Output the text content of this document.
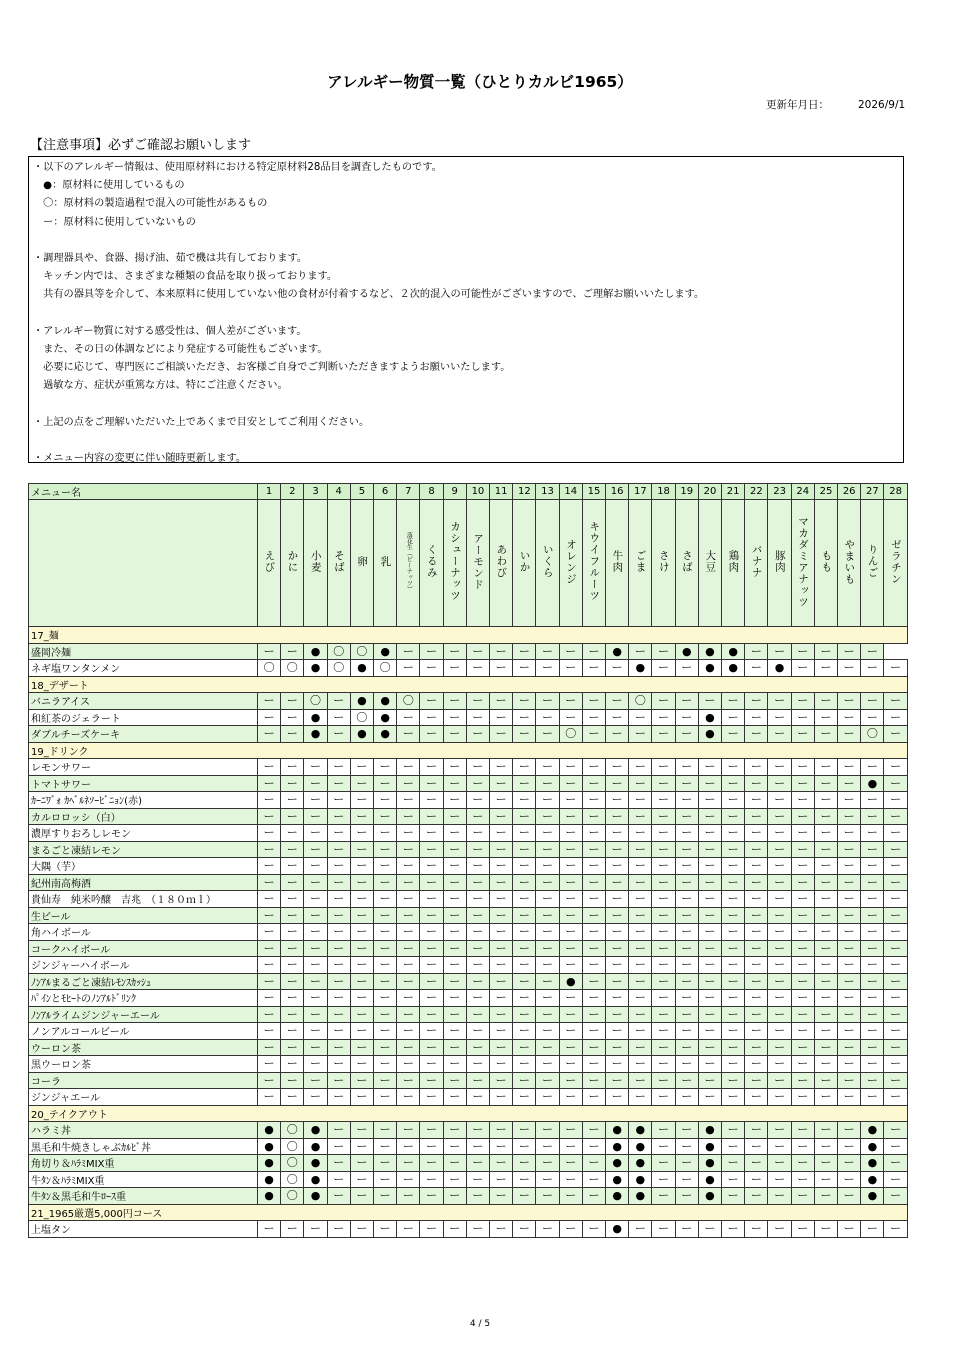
アレルギー物質一覧（ひとりカルビ1965）
更新年月日：	2026/9/1
【注意事項】必ずご確認お願いします
・以下のアレルギー情報は、使用原材料における特定原材料28品目を調査したものです。
　●：原材料に使用しているもの
　〇：原材料の製造過程で混入の可能性があるもの
　ー：原材料に使用していないもの
・調理器具や、食器、揚げ油、茹で機は共有しております。
　キッチン内では、さまざまな種類の食品を取り扱っております。
　共有の器具等を介して、本来原料に使用していない他の食材が付着するなど、２次的混入の可能性がございますので、ご理解お願いいたします。
・アレルギー物質に対する感受性は、個人差がございます。
　また、その日の体調などにより発症する可能性もございます。
　必要に応じて、専門医にご相談いただき、お客様ご自身でご判断いただきますようお願いいたします。
　過敏な方、症状が重篤な方は、特にご注意ください。
・上記の点をご理解いただいた上であくまで目安としてご利用ください。
・メニュー内容の変更に伴い随時更新します。
メニュー名	1	2	3	4	5	6	7	8	9	10	11	12	13	14	15	16	17	18	19	20	21	22	23	24	25	26	27	28
	えび	かに	小麦	そば	卵	乳	落花生（ピーナッツ）	くるみ	カシューナッツ	アーモンド	あわび	いか	いくら	オレンジ	キウイフルーツ	牛肉	ごま	さけ	さば	大豆	鶏肉	バナナ	豚肉	マカダミアナッツ	もも	やまいも	りんご	ゼラチン
17_麺																												
盛岡冷麺	ー	ー	●	〇	〇	●	ー	ー	ー	ー	ー	ー	ー	ー	ー	●	ー	ー	●	●	●	ー	ー	ー	ー	ー	ー	
ネギ塩ワンタンメン	〇	〇	●	〇	●	〇	ー	ー	ー	ー	ー	ー	ー	ー	ー	ー	●	ー	ー	●	●	ー	●	ー	ー	ー	ー	ー
18_デザート																												
バニラアイス	ー	ー	〇	ー	●	●	〇	ー	ー	ー	ー	ー	ー	ー	ー	ー	〇	ー	ー	ー	ー	ー	ー	ー	ー	ー	ー	ー
和紅茶のジェラート	ー	ー	●	ー	〇	●	ー	ー	ー	ー	ー	ー	ー	ー	ー	ー	ー	ー	ー	●	ー	ー	ー	ー	ー	ー	ー	ー
ダブルチーズケーキ	ー	ー	●	ー	●	●	ー	ー	ー	ー	ー	ー	ー	〇	ー	ー	ー	ー	ー	●	ー	ー	ー	ー	ー	ー	〇	ー
19_ドリンク																												
レモンサワー	ー	ー	ー	ー	ー	ー	ー	ー	ー	ー	ー	ー	ー	ー	ー	ー	ー	ー	ー	ー	ー	ー	ー	ー	ー	ー	ー	ー
トマトサワー	ー	ー	ー	ー	ー	ー	ー	ー	ー	ー	ー	ー	ー	ー	ー	ー	ー	ー	ー	ー	ー	ー	ー	ー	ー	ー	●	ー
ｶｰﾆﾜﾞｫ ｶﾍﾞﾙﾈｿｰﾋﾞﾆｮﾝ(赤)	ー	ー	ー	ー	ー	ー	ー	ー	ー	ー	ー	ー	ー	ー	ー	ー	ー	ー	ー	ー	ー	ー	ー	ー	ー	ー	ー	ー
カルロロッシ（白）	ー	ー	ー	ー	ー	ー	ー	ー	ー	ー	ー	ー	ー	ー	ー	ー	ー	ー	ー	ー	ー	ー	ー	ー	ー	ー	ー	ー
濃厚すりおろしレモン	ー	ー	ー	ー	ー	ー	ー	ー	ー	ー	ー	ー	ー	ー	ー	ー	ー	ー	ー	ー	ー	ー	ー	ー	ー	ー	ー	ー
まるごと凍結レモン	ー	ー	ー	ー	ー	ー	ー	ー	ー	ー	ー	ー	ー	ー	ー	ー	ー	ー	ー	ー	ー	ー	ー	ー	ー	ー	ー	ー
大隅（芋）	ー	ー	ー	ー	ー	ー	ー	ー	ー	ー	ー	ー	ー	ー	ー	ー	ー	ー	ー	ー	ー	ー	ー	ー	ー	ー	ー	ー
紀州南高梅酒	ー	ー	ー	ー	ー	ー	ー	ー	ー	ー	ー	ー	ー	ー	ー	ー	ー	ー	ー	ー	ー	ー	ー	ー	ー	ー	ー	ー
貴仙寿　純米吟醸　吉兆　（１８０ｍｌ）	ー	ー	ー	ー	ー	ー	ー	ー	ー	ー	ー	ー	ー	ー	ー	ー	ー	ー	ー	ー	ー	ー	ー	ー	ー	ー	ー	ー
生ビール	ー	ー	ー	ー	ー	ー	ー	ー	ー	ー	ー	ー	ー	ー	ー	ー	ー	ー	ー	ー	ー	ー	ー	ー	ー	ー	ー	ー
角ハイボール	ー	ー	ー	ー	ー	ー	ー	ー	ー	ー	ー	ー	ー	ー	ー	ー	ー	ー	ー	ー	ー	ー	ー	ー	ー	ー	ー	ー
コークハイボール	ー	ー	ー	ー	ー	ー	ー	ー	ー	ー	ー	ー	ー	ー	ー	ー	ー	ー	ー	ー	ー	ー	ー	ー	ー	ー	ー	ー
ジンジャーハイボール	ー	ー	ー	ー	ー	ー	ー	ー	ー	ー	ー	ー	ー	ー	ー	ー	ー	ー	ー	ー	ー	ー	ー	ー	ー	ー	ー	ー
ﾉﾝｱﾙまるごと凍結ﾚﾓﾝｽｶｯｼｭ	ー	ー	ー	ー	ー	ー	ー	ー	ー	ー	ー	ー	ー	●	ー	ー	ー	ー	ー	ー	ー	ー	ー	ー	ー	ー	ー	ー
ﾊﾟｲﾝとﾓﾋｰﾄのﾉﾝｱﾙﾄﾞﾘﾝｸ	ー	ー	ー	ー	ー	ー	ー	ー	ー	ー	ー	ー	ー	ー	ー	ー	ー	ー	ー	ー	ー	ー	ー	ー	ー	ー	ー	ー
ﾉﾝｱﾙライムジンジャーエール	ー	ー	ー	ー	ー	ー	ー	ー	ー	ー	ー	ー	ー	ー	ー	ー	ー	ー	ー	ー	ー	ー	ー	ー	ー	ー	ー	ー
ノンアルコールビール	ー	ー	ー	ー	ー	ー	ー	ー	ー	ー	ー	ー	ー	ー	ー	ー	ー	ー	ー	ー	ー	ー	ー	ー	ー	ー	ー	ー
ウーロン茶	ー	ー	ー	ー	ー	ー	ー	ー	ー	ー	ー	ー	ー	ー	ー	ー	ー	ー	ー	ー	ー	ー	ー	ー	ー	ー	ー	ー
黒ウーロン茶	ー	ー	ー	ー	ー	ー	ー	ー	ー	ー	ー	ー	ー	ー	ー	ー	ー	ー	ー	ー	ー	ー	ー	ー	ー	ー	ー	ー
コーラ	ー	ー	ー	ー	ー	ー	ー	ー	ー	ー	ー	ー	ー	ー	ー	ー	ー	ー	ー	ー	ー	ー	ー	ー	ー	ー	ー	ー
ジンジャエール	ー	ー	ー	ー	ー	ー	ー	ー	ー	ー	ー	ー	ー	ー	ー	ー	ー	ー	ー	ー	ー	ー	ー	ー	ー	ー	ー	ー
20_テイクアウト																												
ハラミ丼	●	〇	●	ー	ー	ー	ー	ー	ー	ー	ー	ー	ー	ー	ー	●	●	ー	ー	●	ー	ー	ー	ー	ー	ー	●	ー
黒毛和牛焼きしゃぶｶﾙﾋﾞ丼	●	〇	●	ー	ー	ー	ー	ー	ー	ー	ー	ー	ー	ー	ー	●	●	ー	ー	●	ー	ー	ー	ー	ー	ー	●	ー
角切り＆ﾊﾗﾐMIX重	●	〇	●	ー	ー	ー	ー	ー	ー	ー	ー	ー	ー	ー	ー	●	●	ー	ー	●	ー	ー	ー	ー	ー	ー	●	ー
牛ﾀﾝ＆ﾊﾗﾐMIX重	●	〇	●	ー	ー	ー	ー	ー	ー	ー	ー	ー	ー	ー	ー	●	●	ー	ー	●	ー	ー	ー	ー	ー	ー	●	ー
牛ﾀﾝ＆黒毛和牛ﾛｰｽ重	●	〇	●	ー	ー	ー	ー	ー	ー	ー	ー	ー	ー	ー	ー	●	●	ー	ー	●	ー	ー	ー	ー	ー	ー	●	ー
21_1965厳選5,000円コース																												
上塩タン	ー	ー	ー	ー	ー	ー	ー	ー	ー	ー	ー	ー	ー	ー	ー	●	ー	ー	ー	ー	ー	ー	ー	ー	ー	ー	ー	ー
4 / 5
